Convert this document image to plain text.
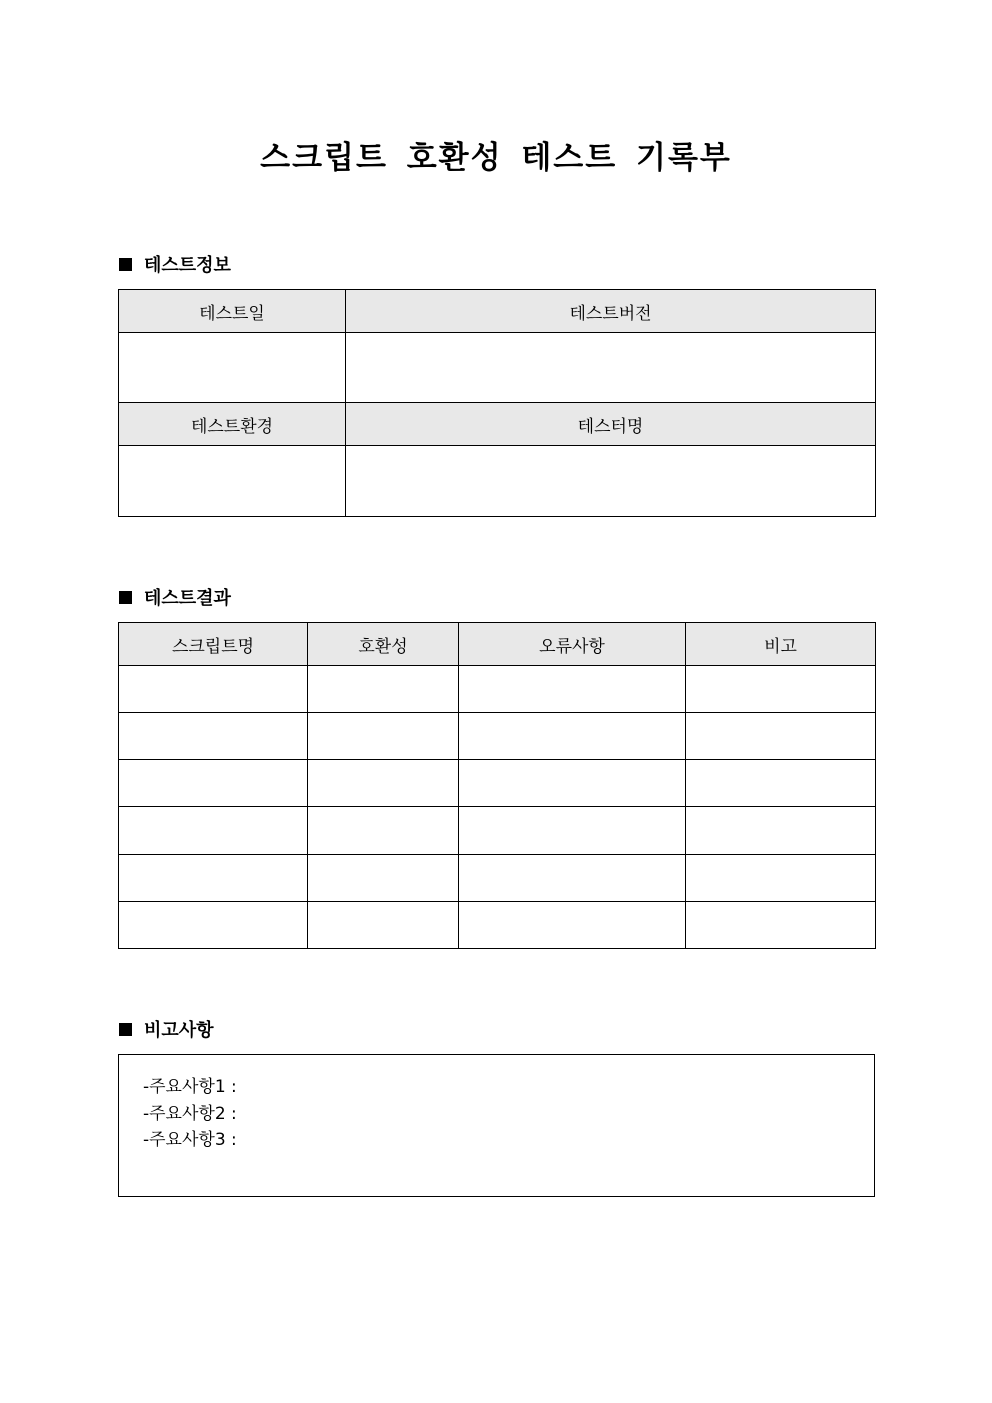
스크립트 호환성 테스트 기록부
테스트정보
테스트일	테스트버전

테스트환경	테스터명

테스트결과
스크립트명	호환성	오류사항	비고

비고사항
-주요사항1 :
-주요사항2 :
-주요사항3 :
